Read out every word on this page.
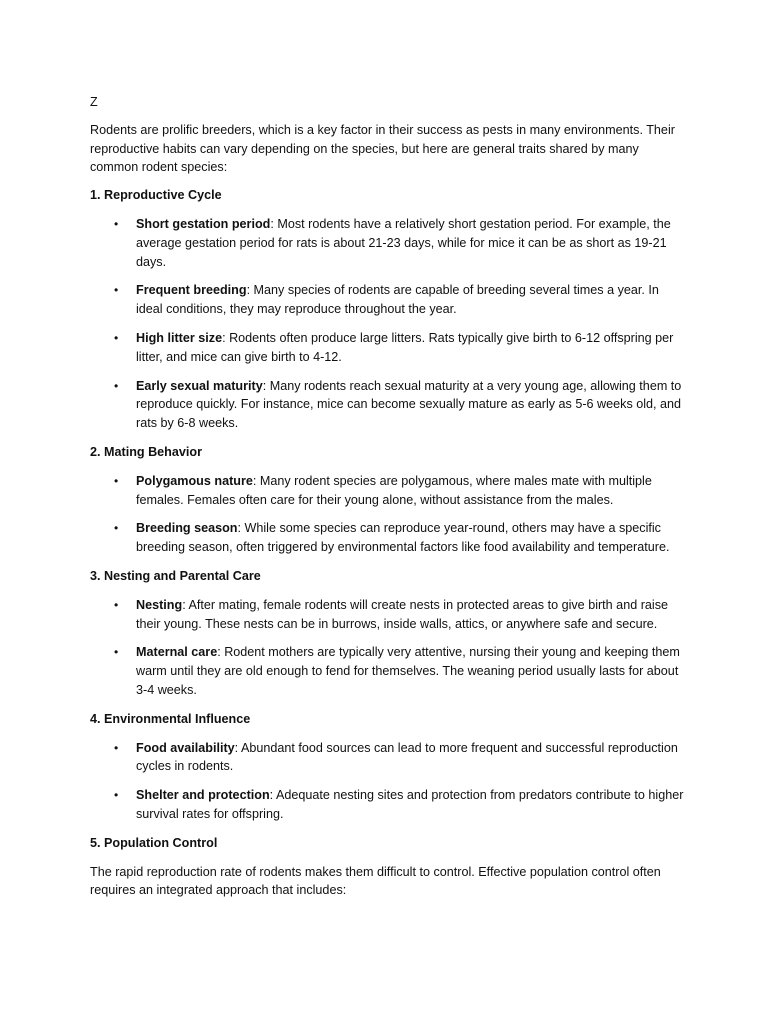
Z

Rodents are prolific breeders, which is a key factor in their success as pests in many environments. Their reproductive habits can vary depending on the species, but here are general traits shared by many common rodent species:

1. Reproductive Cycle

• Short gestation period: Most rodents have a relatively short gestation period. For example, the average gestation period for rats is about 21-23 days, while for mice it can be as short as 19-21 days.
• Frequent breeding: Many species of rodents are capable of breeding several times a year. In ideal conditions, they may reproduce throughout the year.
• High litter size: Rodents often produce large litters. Rats typically give birth to 6-12 offspring per litter, and mice can give birth to 4-12.
• Early sexual maturity: Many rodents reach sexual maturity at a very young age, allowing them to reproduce quickly. For instance, mice can become sexually mature as early as 5-6 weeks old, and rats by 6-8 weeks.

2. Mating Behavior

• Polygamous nature: Many rodent species are polygamous, where males mate with multiple females. Females often care for their young alone, without assistance from the males.
• Breeding season: While some species can reproduce year-round, others may have a specific breeding season, often triggered by environmental factors like food availability and temperature.

3. Nesting and Parental Care

• Nesting: After mating, female rodents will create nests in protected areas to give birth and raise their young. These nests can be in burrows, inside walls, attics, or anywhere safe and secure.
• Maternal care: Rodent mothers are typically very attentive, nursing their young and keeping them warm until they are old enough to fend for themselves. The weaning period usually lasts for about 3-4 weeks.

4. Environmental Influence

• Food availability: Abundant food sources can lead to more frequent and successful reproduction cycles in rodents.
• Shelter and protection: Adequate nesting sites and protection from predators contribute to higher survival rates for offspring.

5. Population Control

The rapid reproduction rate of rodents makes them difficult to control. Effective population control often requires an integrated approach that includes:
